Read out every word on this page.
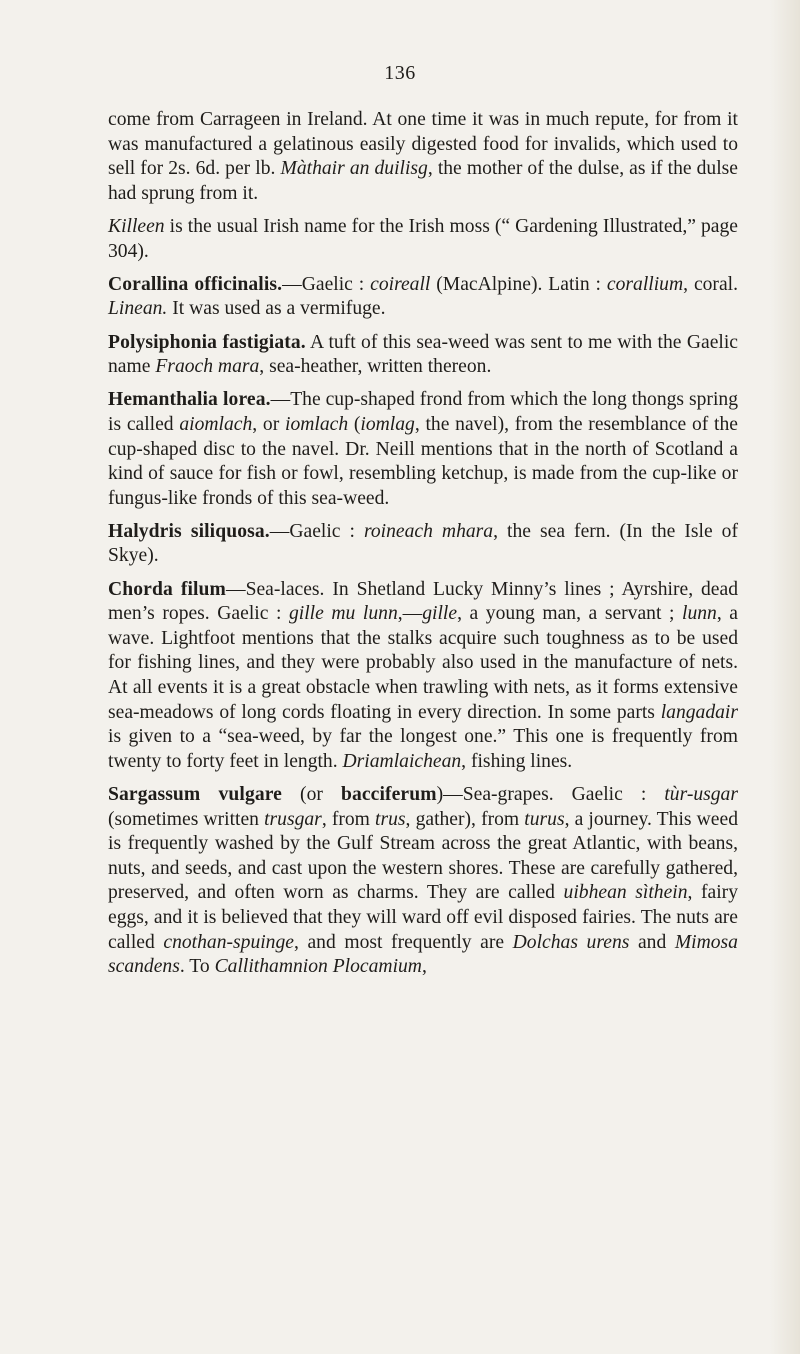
136

come from Carrageen in Ireland. At one time it was in much repute, for from it was manufactured a gelatinous easily digested food for invalids, which used to sell for 2s. 6d. per lb. Màthair an duilisg, the mother of the dulse, as if the dulse had sprung from it.

Killeen is the usual Irish name for the Irish moss (“ Gardening Illustrated,” page 304).

Corallina officinalis.—Gaelic : coireall (MacAlpine). Latin : corallium, coral. Linean. It was used as a vermifuge.

Polysiphonia fastigiata. A tuft of this sea-weed was sent to me with the Gaelic name Fraoch mara, sea-heather, written thereon.

Hemanthalia lorea.—The cup-shaped frond from which the long thongs spring is called aiomlach, or iomlach (iomlag, the navel), from the resemblance of the cup-shaped disc to the navel. Dr. Neill mentions that in the north of Scotland a kind of sauce for fish or fowl, resembling ketchup, is made from the cup-like or fungus-like fronds of this sea-weed.

Halydris siliquosa.—Gaelic : roineach mhara, the sea fern. (In the Isle of Skye).

Chorda filum—Sea-laces. In Shetland Lucky Minny’s lines ; Ayrshire, dead men’s ropes. Gaelic : gille mu lunn,—gille, a young man, a servant ; lunn, a wave. Lightfoot mentions that the stalks acquire such toughness as to be used for fishing lines, and they were probably also used in the manufacture of nets. At all events it is a great obstacle when trawling with nets, as it forms extensive sea-meadows of long cords floating in every direction. In some parts langadair is given to a “sea-weed, by far the longest one.” This one is frequently from twenty to forty feet in length. Driamlaichean, fishing lines.

Sargassum vulgare (or bacciferum)—Sea-grapes. Gaelic : tùr-usgar (sometimes written trusgar, from trus, gather), from turus, a journey. This weed is frequently washed by the Gulf Stream across the great Atlantic, with beans, nuts, and seeds, and cast upon the western shores. These are carefully gathered, preserved, and often worn as charms. They are called uibhean sìthein, fairy eggs, and it is believed that they will ward off evil disposed fairies. The nuts are called cnothan-spuinge, and most frequently are Dolchas urens and Mimosa scandens. To Callithamnion Plocamium,
